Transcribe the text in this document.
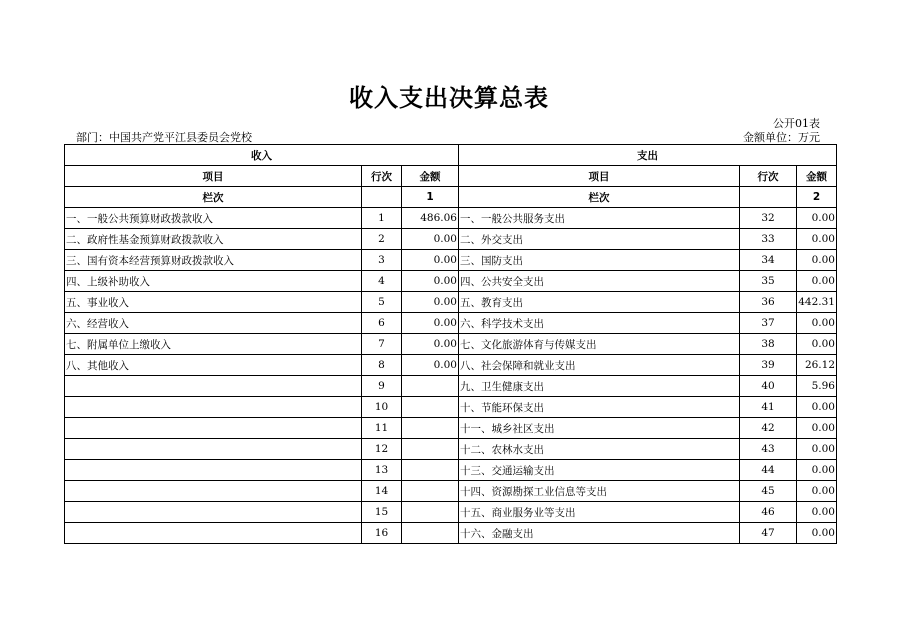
收入支出决算总表
公开01表
部门：中国共产党平江县委员会党校	金额单位：万元
收入			支出		
项目	行次	金额	项目	行次	金额
栏次		1	栏次		2
一、一般公共预算财政拨款收入	1	486.06	一、一般公共服务支出	32	0.00
二、政府性基金预算财政拨款收入	2	0.00	二、外交支出	33	0.00
三、国有资本经营预算财政拨款收入	3	0.00	三、国防支出	34	0.00
四、上级补助收入	4	0.00	四、公共安全支出	35	0.00
五、事业收入	5	0.00	五、教育支出	36	442.31
六、经营收入	6	0.00	六、科学技术支出	37	0.00
七、附属单位上缴收入	7	0.00	七、文化旅游体育与传媒支出	38	0.00
八、其他收入	8	0.00	八、社会保障和就业支出	39	26.12
	9		九、卫生健康支出	40	5.96
	10		十、节能环保支出	41	0.00
	11		十一、城乡社区支出	42	0.00
	12		十二、农林水支出	43	0.00
	13		十三、交通运输支出	44	0.00
	14		十四、资源勘探工业信息等支出	45	0.00
	15		十五、商业服务业等支出	46	0.00
	16		十六、金融支出	47	0.00
